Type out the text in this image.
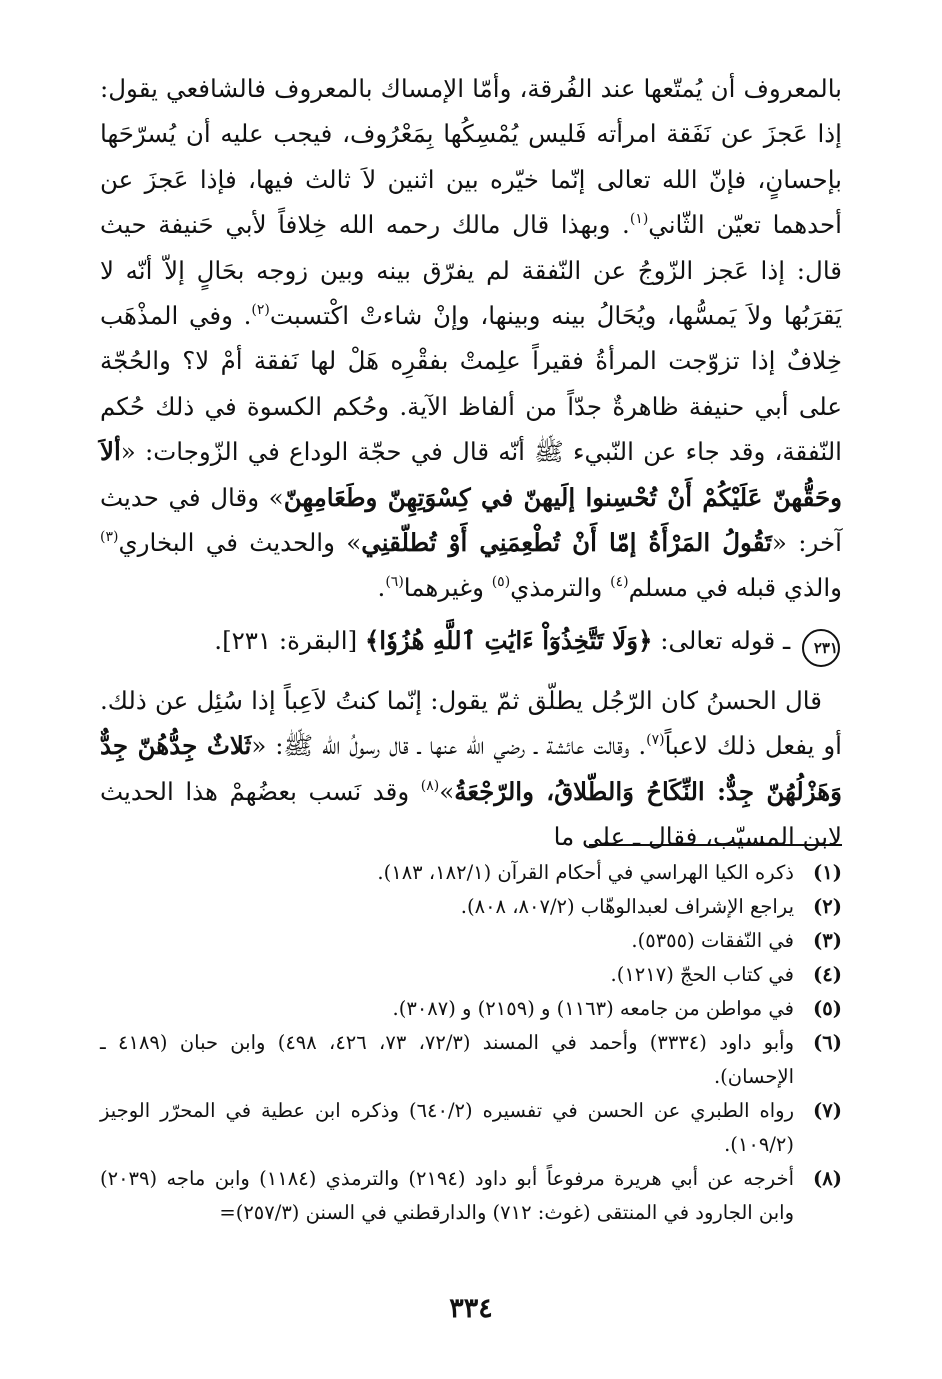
بالمعروف أن يُمتّعها عند الفُرقة، وأمّا الإمساك بالمعروف فالشافعي يقول: إذا عَجزَ عن نَفَقة امرأته فَليس يُمْسِكُها بِمَعْرُوف، فيجب عليه أن يُسرّحَها بإحسانٍ، فإنّ الله تعالى إنّما خيّره بين اثنين لاَ ثالث فيها، فإذا عَجزَ عن أحدهما تعيّن الثّاني$^{(١)}$. وبهذا قال مالك رحمه الله خِلافاً لأبي حَنيفة حيث قال: إذا عَجز الزّوجُ عن النّفقة لم يفرّق بينه وبين زوجه بحَالٍ إلاّ أنّه لا يَقرَبُها ولاَ يَمسُّها، ويُحَالُ بينه وبينها، وإنْ شاءتْ اكْتسبت$^{(٢)}$. وفي المذْهَب خِلافٌ إذا تزوّجت المرأةُ فقيراً علِمتْ بفقْرِه هَلْ لها نَفقة أمْ لا؟ والحُجّة على أبي حنيفة ظاهرةٌ جدّاً من ألفاظ الآية. وحُكم الكسوة في ذلك حُكم النّفقة، وقد جاء عن النّبيء ﷺ أنّه قال في حجّة الوداع في الزّوجات: «ألاَ وحَقُّهنّ عَلَيْكُمْ أَنْ تُحْسِنوا إلَيهنّ في كِسْوَتِهِنّ وطَعَامِهِنّ» وقال في حديث آخر: «تَقُولُ المَرْأَةُ إمّا أَنْ تُطْعِمَنِي أَوْ تُطلّقنِي» والحديث في البخاري$^{(٣)}$ والذي قبله في مسلم$^{(٤)}$ والترمذي$^{(٥)}$ وغيرهما$^{(٦)}$.

٢٣١ ـ قوله تعالى: ﴿وَلَا تَتَّخِذُوٓاْ ءَايَٰتِ ٱللَّهِ هُزُوٗا﴾ [البقرة: ٢٣١].

قال الحسنُ كان الرّجُل يطلّق ثمّ يقول: إنّما كنتُ لاَعِباً إذا سُئِل عن ذلك. أو يفعل ذلك لاعباً$^{(٧)}$. وقالت عائشة ـ رضي الله عنها ـ قال رسولُ الله ﷺ: «ثَلاثٌ جِدُّهُنّ جِدٌّ وَهَزْلُهُنّ جِدٌّ: النِّكَاحُ وَالطّلاقُ، والرّجْعَةُ»$^{(٨)}$ وقد نَسب بعضُهمْ هذا الحديث لابن المسيّب، فقال ـ على ما

(١)
ذكره الكيا الهراسي في أحكام القرآن (١٨٢/١، ١٨٣).
(٢)
يراجع الإشراف لعبدالوهّاب (٨٠٧/٢، ٨٠٨).
(٣)
في النّفقات (٥٣٥٥).
(٤)
في كتاب الحجّ (١٢١٧).
(٥)
في مواطن من جامعه (١١٦٣) و (٢١٥٩) و (٣٠٨٧).
(٦)
وأبو داود (٣٣٣٤) وأحمد في المسند (٧٢/٣، ٧٣، ٤٢٦، ٤٩٨) وابن حبان (٤١٨٩ ـ الإحسان).
(٧)
رواه الطبري عن الحسن في تفسيره (٦٤٠/٢) وذكره ابن عطية في المحرّر الوجيز (١٠٩/٢).
(٨)
أخرجه عن أبي هريرة مرفوعاً أبو داود (٢١٩٤) والترمذي (١١٨٤) وابن ماجه (٢٠٣٩) وابن الجارود في المنتقى (غوث: ٧١٢) والدارقطني في السنن (٢٥٧/٣)=
٣٣٤
